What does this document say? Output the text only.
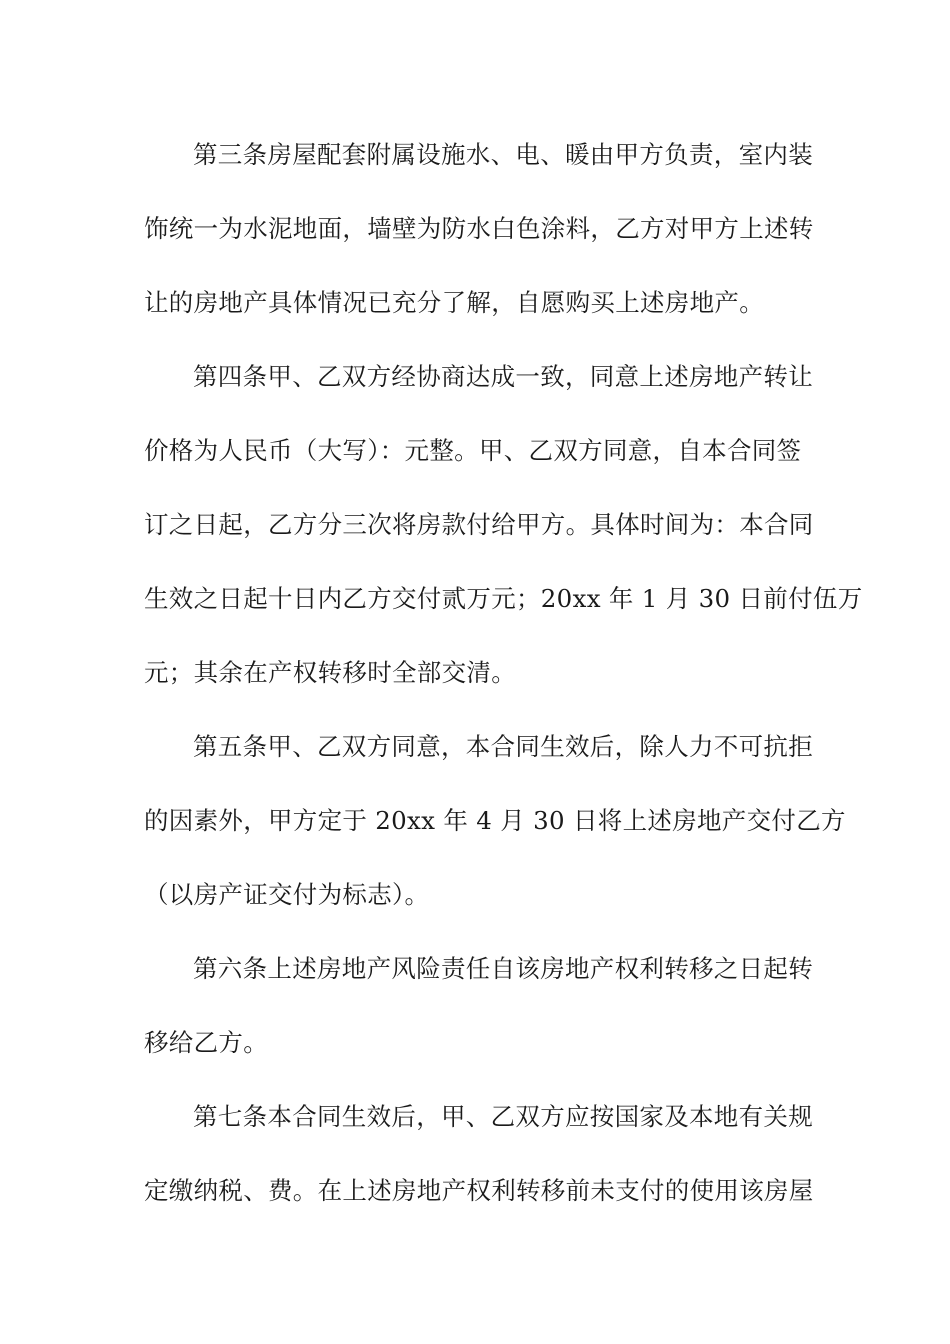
第三条房屋配套附属设施水、电、暖由甲方负责，室内装
饰统一为水泥地面，墙壁为防水白色涂料，乙方对甲方上述转
让的房地产具体情况已充分了解，自愿购买上述房地产。
第四条甲、乙双方经协商达成一致，同意上述房地产转让
价格为人民币（大写）：元整。甲、乙双方同意，自本合同签
订之日起，乙方分三次将房款付给甲方。具体时间为：本合同
生效之日起十日内乙方交付贰万元；20xx 年 1 月 30 日前付伍万
元；其余在产权转移时全部交清。
第五条甲、乙双方同意，本合同生效后，除人力不可抗拒
的因素外，甲方定于 20xx 年 4 月 30 日将上述房地产交付乙方
（以房产证交付为标志）。
第六条上述房地产风险责任自该房地产权利转移之日起转
移给乙方。
第七条本合同生效后，甲、乙双方应按国家及本地有关规
定缴纳税、费。在上述房地产权利转移前未支付的使用该房屋
